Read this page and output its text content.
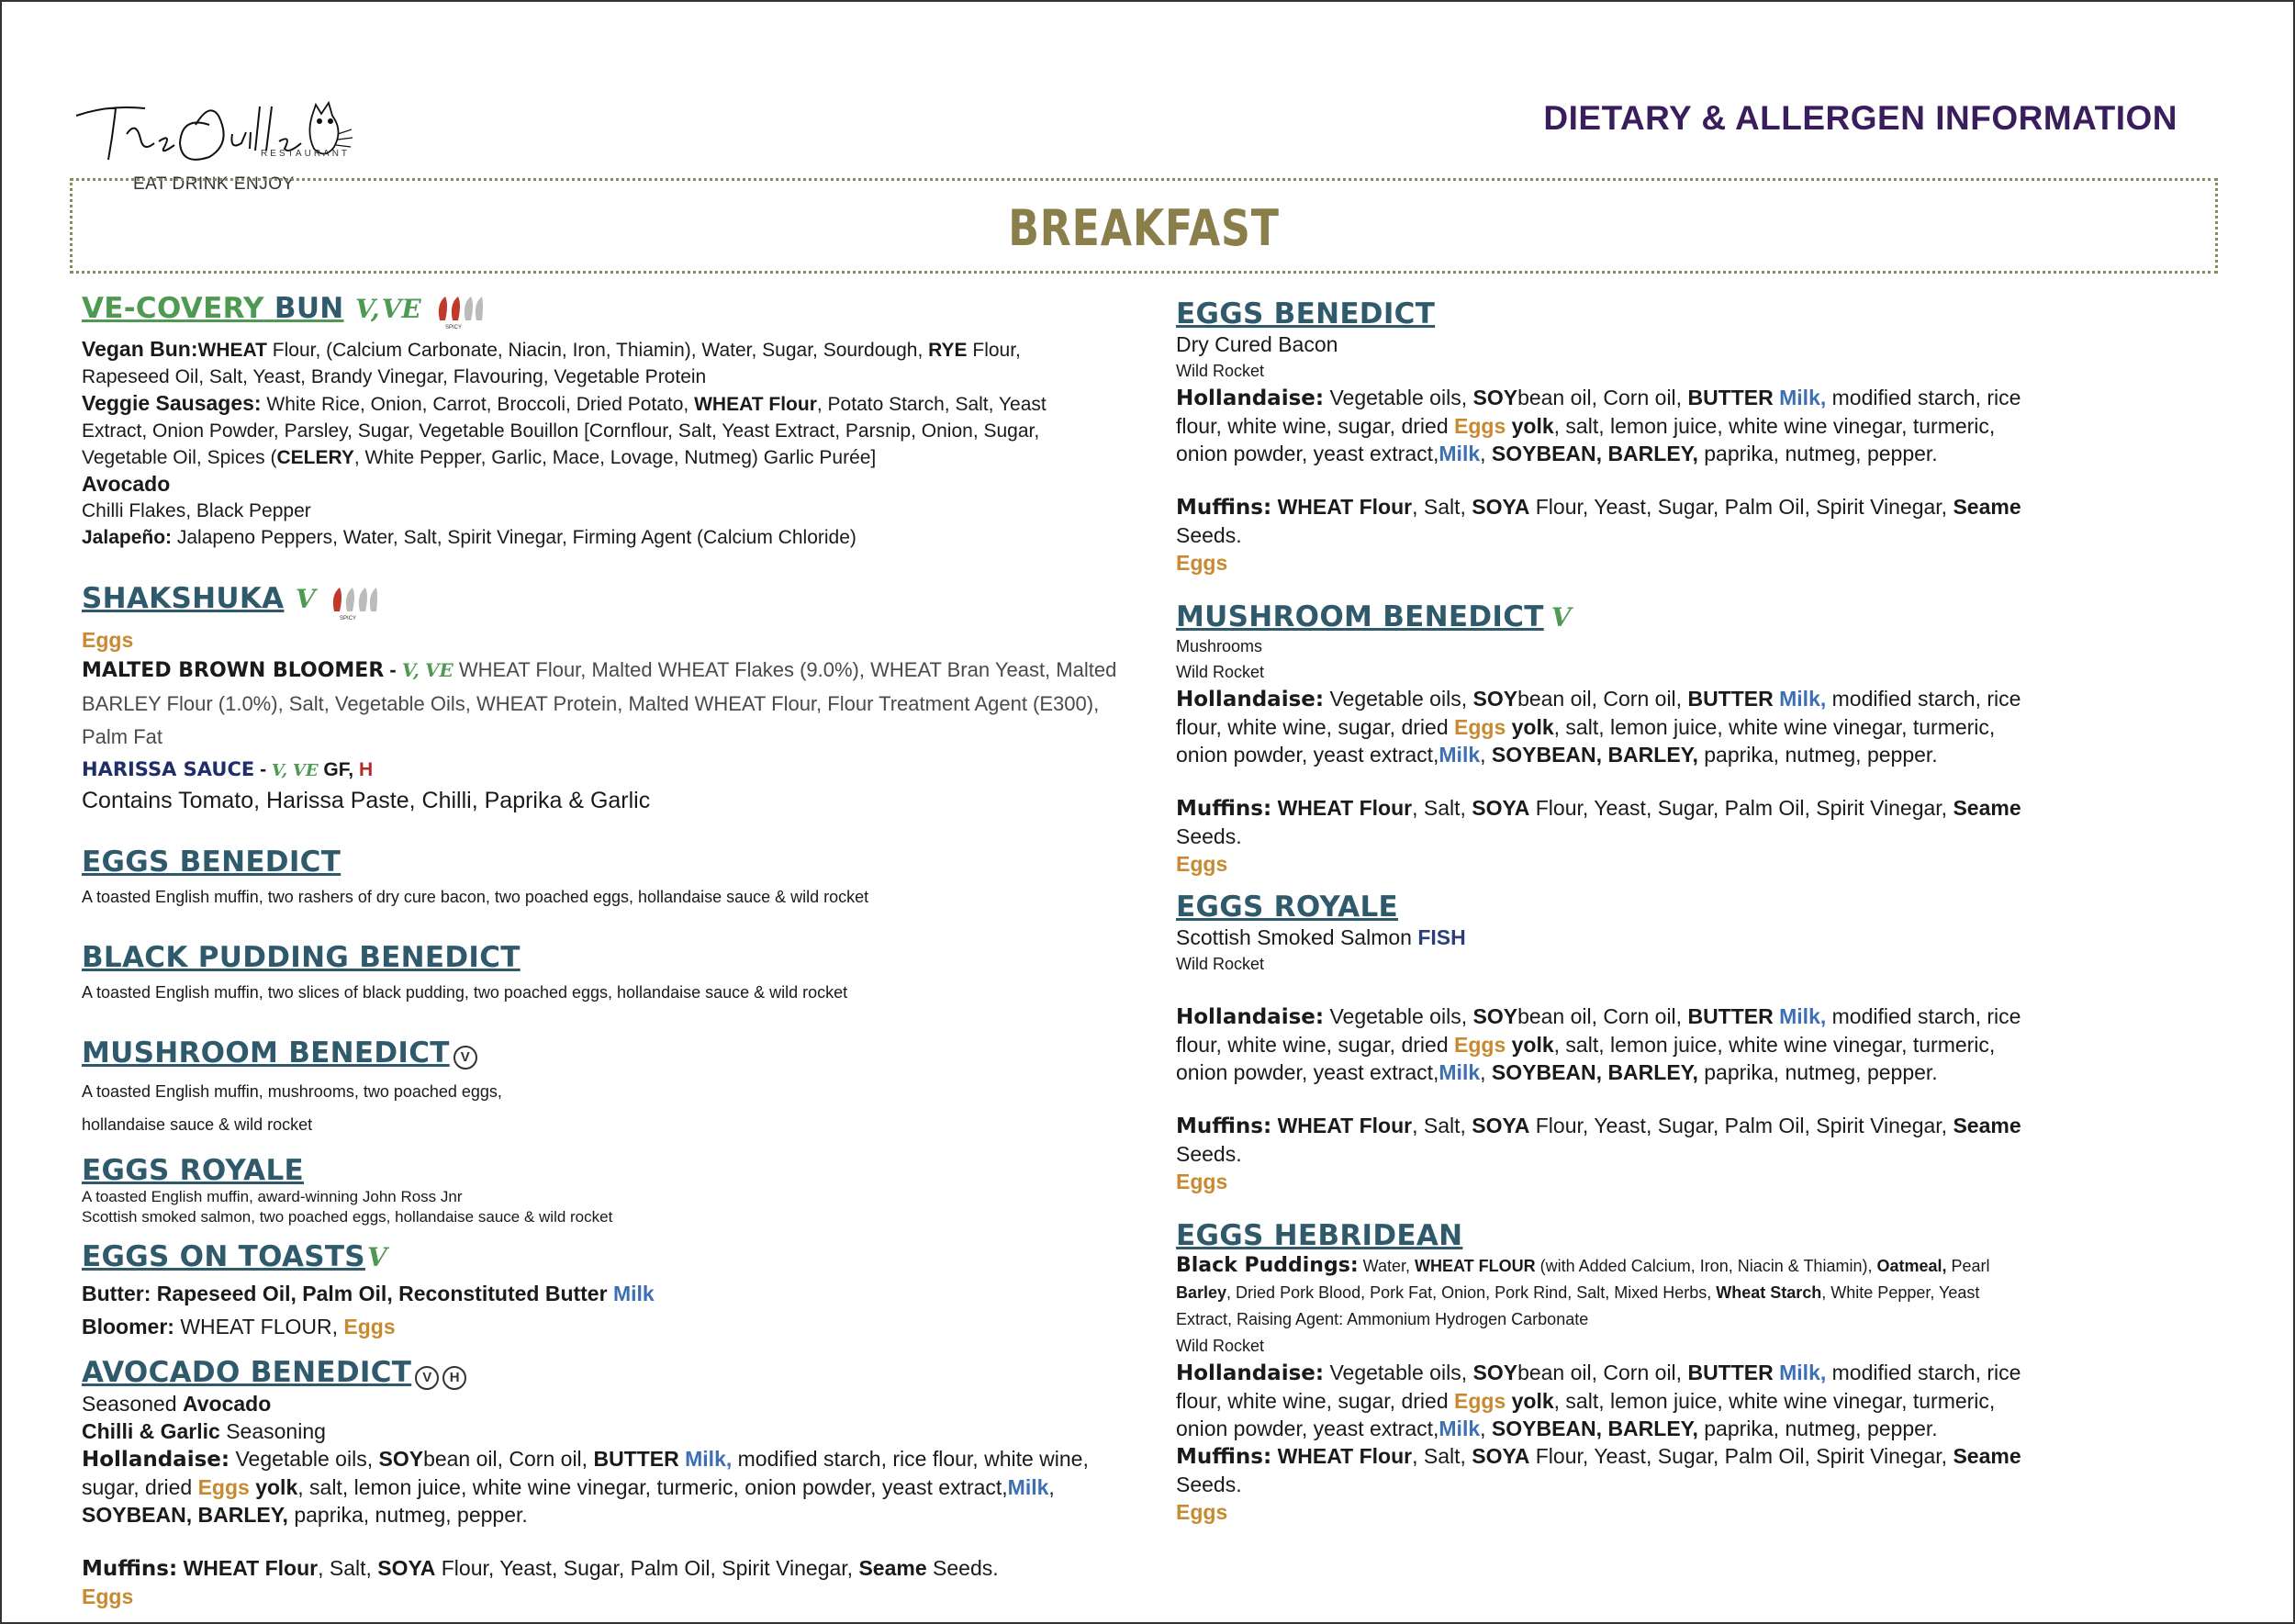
RESTAURANT
EAT DRINK ENJOY
DIETARY & ALLERGEN INFORMATION
BREAKFAST
VE-COVERY BUN V,VE
SPICY
Vegan Bun:WHEAT Flour, (Calcium Carbonate, Niacin, Iron, Thiamin), Water, Sugar, Sourdough, RYE Flour,
Rapeseed Oil, Salt, Yeast, Brandy Vinegar, Flavouring, Vegetable Protein
Veggie Sausages: White Rice, Onion, Carrot, Broccoli, Dried Potato, WHEAT Flour, Potato Starch, Salt, Yeast
Extract, Onion Powder, Parsley, Sugar, Vegetable Bouillon [Cornflour, Salt, Yeast Extract, Parsnip, Onion, Sugar,
Vegetable Oil, Spices (CELERY, White Pepper, Garlic, Mace, Lovage, Nutmeg) Garlic Purée]
Avocado
Chilli Flakes, Black Pepper
Jalapeño: Jalapeno Peppers, Water, Salt, Spirit Vinegar, Firming Agent (Calcium Chloride)
SHAKSHUKA V
SPICY
Eggs
MALTED BROWN BLOOMER - V, VE WHEAT Flour, Malted WHEAT Flakes (9.0%), WHEAT Bran Yeast, Malted
BARLEY Flour (1.0%), Salt, Vegetable Oils, WHEAT Protein, Malted WHEAT Flour, Flour Treatment Agent (E300), Palm Fat
HARISSA SAUCE - V, VE GF, H
Contains Tomato, Harissa Paste, Chilli, Paprika & Garlic
EGGS BENEDICT
A toasted English muffin, two rashers of dry cure bacon, two poached eggs, hollandaise sauce & wild rocket
BLACK PUDDING BENEDICT
A toasted English muffin, two slices of black pudding, two poached eggs, hollandaise sauce & wild rocket
MUSHROOM BENEDICT V
A toasted English muffin, mushrooms, two poached eggs,
hollandaise sauce & wild rocket
EGGS ROYALE
A toasted English muffin, award-winning John Ross Jnr
Scottish smoked salmon, two poached eggs, hollandaise sauce & wild rocket
EGGS ON TOASTSV
Butter: Rapeseed Oil, Palm Oil, Reconstituted Butter Milk
Bloomer: WHEAT FLOUR, Eggs
AVOCADO BENEDICT V H
Seasoned Avocado
Chilli & Garlic Seasoning
Hollandaise: Vegetable oils, SOYbean oil, Corn oil, BUTTER Milk, modified starch, rice flour, white wine,
sugar, dried Eggs yolk, salt, lemon juice, white wine vinegar, turmeric, onion powder, yeast extract,Milk,
SOYBEAN, BARLEY, paprika, nutmeg, pepper.
Muffins: WHEAT Flour, Salt, SOYA Flour, Yeast, Sugar, Palm Oil, Spirit Vinegar, Seame Seeds.
Eggs
EGGS BENEDICT
Dry Cured Bacon
Wild Rocket
Hollandaise: Vegetable oils, SOYbean oil, Corn oil, BUTTER Milk, modified starch, rice
flour, white wine, sugar, dried Eggs yolk, salt, lemon juice, white wine vinegar, turmeric,
onion powder, yeast extract,Milk, SOYBEAN, BARLEY, paprika, nutmeg, pepper.
Muffins: WHEAT Flour, Salt, SOYA Flour, Yeast, Sugar, Palm Oil, Spirit Vinegar, Seame
Seeds.
Eggs
MUSHROOM BENEDICT V
Mushrooms
Wild Rocket
Hollandaise: Vegetable oils, SOYbean oil, Corn oil, BUTTER Milk, modified starch, rice
flour, white wine, sugar, dried Eggs yolk, salt, lemon juice, white wine vinegar, turmeric,
onion powder, yeast extract,Milk, SOYBEAN, BARLEY, paprika, nutmeg, pepper.
Muffins: WHEAT Flour, Salt, SOYA Flour, Yeast, Sugar, Palm Oil, Spirit Vinegar, Seame
Seeds.
Eggs
EGGS ROYALE
Scottish Smoked Salmon FISH
Wild Rocket
Hollandaise: Vegetable oils, SOYbean oil, Corn oil, BUTTER Milk, modified starch, rice
flour, white wine, sugar, dried Eggs yolk, salt, lemon juice, white wine vinegar, turmeric,
onion powder, yeast extract,Milk, SOYBEAN, BARLEY, paprika, nutmeg, pepper.
Muffins: WHEAT Flour, Salt, SOYA Flour, Yeast, Sugar, Palm Oil, Spirit Vinegar, Seame
Seeds.
Eggs
EGGS HEBRIDEAN
Black Puddings: Water, WHEAT FLOUR (with Added Calcium, Iron, Niacin & Thiamin), Oatmeal, Pearl
Barley, Dried Pork Blood, Pork Fat, Onion, Pork Rind, Salt, Mixed Herbs, Wheat Starch, White Pepper, Yeast
Extract, Raising Agent: Ammonium Hydrogen Carbonate
Wild Rocket
Hollandaise: Vegetable oils, SOYbean oil, Corn oil, BUTTER Milk, modified starch, rice
flour, white wine, sugar, dried Eggs yolk, salt, lemon juice, white wine vinegar, turmeric,
onion powder, yeast extract,Milk, SOYBEAN, BARLEY, paprika, nutmeg, pepper.
Muffins: WHEAT Flour, Salt, SOYA Flour, Yeast, Sugar, Palm Oil, Spirit Vinegar, Seame
Seeds.
Eggs
